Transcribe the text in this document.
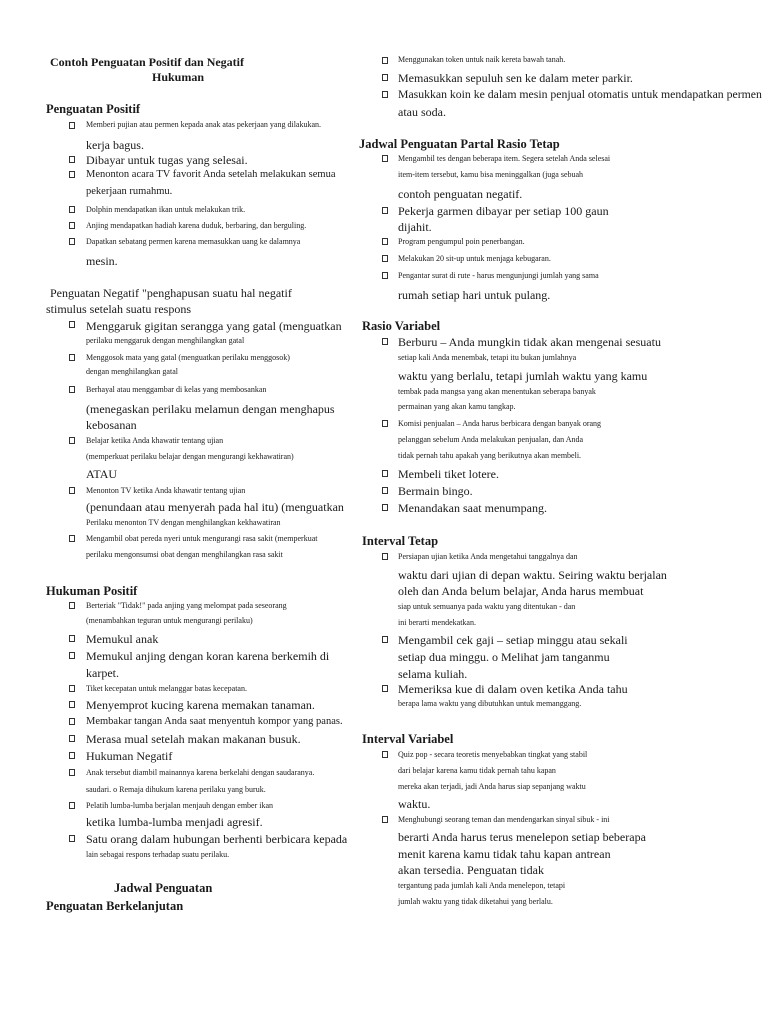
Contoh Penguatan Positif dan Negatif
Hukuman
Penguatan Positif
Memberi pujian atau permen kepada anak atas pekerjaan yang dilakukan.
kerja bagus.
Dibayar untuk tugas yang selesai.
Menonton acara TV favorit Anda setelah melakukan semua
pekerjaan rumahmu.
Dolphin mendapatkan ikan untuk melakukan trik.
Anjing mendapatkan hadiah karena duduk, berbaring, dan berguling.
Dapatkan sebatang permen karena memasukkan uang ke dalamnya
mesin.
Penguatan Negatif "penghapusan suatu hal negatif
stimulus setelah suatu respons
Menggaruk gigitan serangga yang gatal (menguatkan
perilaku menggaruk dengan menghilangkan gatal
Menggosok mata yang gatal (menguatkan perilaku menggosok)
dengan menghilangkan gatal
Berhayal atau menggambar di kelas yang membosankan
(menegaskan perilaku melamun dengan menghapus
kebosanan
Belajar ketika Anda khawatir tentang ujian
(memperkuat perilaku belajar dengan mengurangi kekhawatiran)
ATAU
Menonton TV ketika Anda khawatir tentang ujian
(penundaan atau menyerah pada hal itu) (menguatkan
Perilaku menonton TV dengan menghilangkan kekhawatiran
Mengambil obat pereda nyeri untuk mengurangi rasa sakit (memperkuat
perilaku mengonsumsi obat dengan menghilangkan rasa sakit
Hukuman Positif
Berteriak "Tidak!" pada anjing yang melompat pada seseorang
(menambahkan teguran untuk mengurangi perilaku)
Memukul anak
Memukul anjing dengan koran karena berkemih di
karpet.
Tiket kecepatan untuk melanggar batas kecepatan.
Menyemprot kucing karena memakan tanaman.
Membakar tangan Anda saat menyentuh kompor yang panas.
Merasa mual setelah makan makanan busuk.
Hukuman Negatif
Anak tersebut diambil mainannya karena berkelahi dengan saudaranya.
saudari. o Remaja dihukum karena perilaku yang buruk.
Pelatih lumba-lumba berjalan menjauh dengan ember ikan
ketika lumba-lumba menjadi agresif.
Satu orang dalam hubungan berhenti berbicara kepada
lain sebagai respons terhadap suatu perilaku.
Jadwal Penguatan
Penguatan Berkelanjutan
Menggunakan token untuk naik kereta bawah tanah.
Memasukkan sepuluh sen ke dalam meter parkir.
Masukkan koin ke dalam mesin penjual otomatis untuk mendapatkan permen
atau soda.
Jadwal Penguatan Partal Rasio Tetap
Mengambil tes dengan beberapa item. Segera setelah Anda selesai
item-item tersebut, kamu bisa meninggalkan (juga sebuah
contoh penguatan negatif.
Pekerja garmen dibayar per setiap 100 gaun
dijahit.
Program pengumpul poin penerbangan.
Melakukan 20 sit-up untuk menjaga kebugaran.
Pengantar surat di rute - harus mengunjungi jumlah yang sama
rumah setiap hari untuk pulang.
Rasio Variabel
Berburu – Anda mungkin tidak akan mengenai sesuatu
setiap kali Anda menembak, tetapi itu bukan jumlahnya
waktu yang berlalu, tetapi jumlah waktu yang kamu
tembak pada mangsa yang akan menentukan seberapa banyak
permainan yang akan kamu tangkap.
Komisi penjualan – Anda harus berbicara dengan banyak orang
pelanggan sebelum Anda melakukan penjualan, dan Anda
tidak pernah tahu apakah yang berikutnya akan membeli.
Membeli tiket lotere.
Bermain bingo.
Menandakan saat menumpang.
Interval Tetap
Persiapan ujian ketika Anda mengetahui tanggalnya dan
waktu dari ujian di depan waktu. Seiring waktu berjalan
oleh dan Anda belum belajar, Anda harus membuat
siap untuk semuanya pada waktu yang ditentukan - dan
ini berarti mendekatkan.
Mengambil cek gaji – setiap minggu atau sekali
setiap dua minggu. o Melihat jam tanganmu
selama kuliah.
Memeriksa kue di dalam oven ketika Anda tahu
berapa lama waktu yang dibutuhkan untuk memanggang.
Interval Variabel
Quiz pop - secara teoretis menyebabkan tingkat yang stabil
dari belajar karena kamu tidak pernah tahu kapan
mereka akan terjadi, jadi Anda harus siap sepanjang waktu
waktu.
Menghubungi seorang teman dan mendengarkan sinyal sibuk - ini
berarti Anda harus terus menelepon setiap beberapa
menit karena kamu tidak tahu kapan antrean
akan tersedia. Penguatan tidak
tergantung pada jumlah kali Anda menelepon, tetapi
jumlah waktu yang tidak diketahui yang berlalu.
